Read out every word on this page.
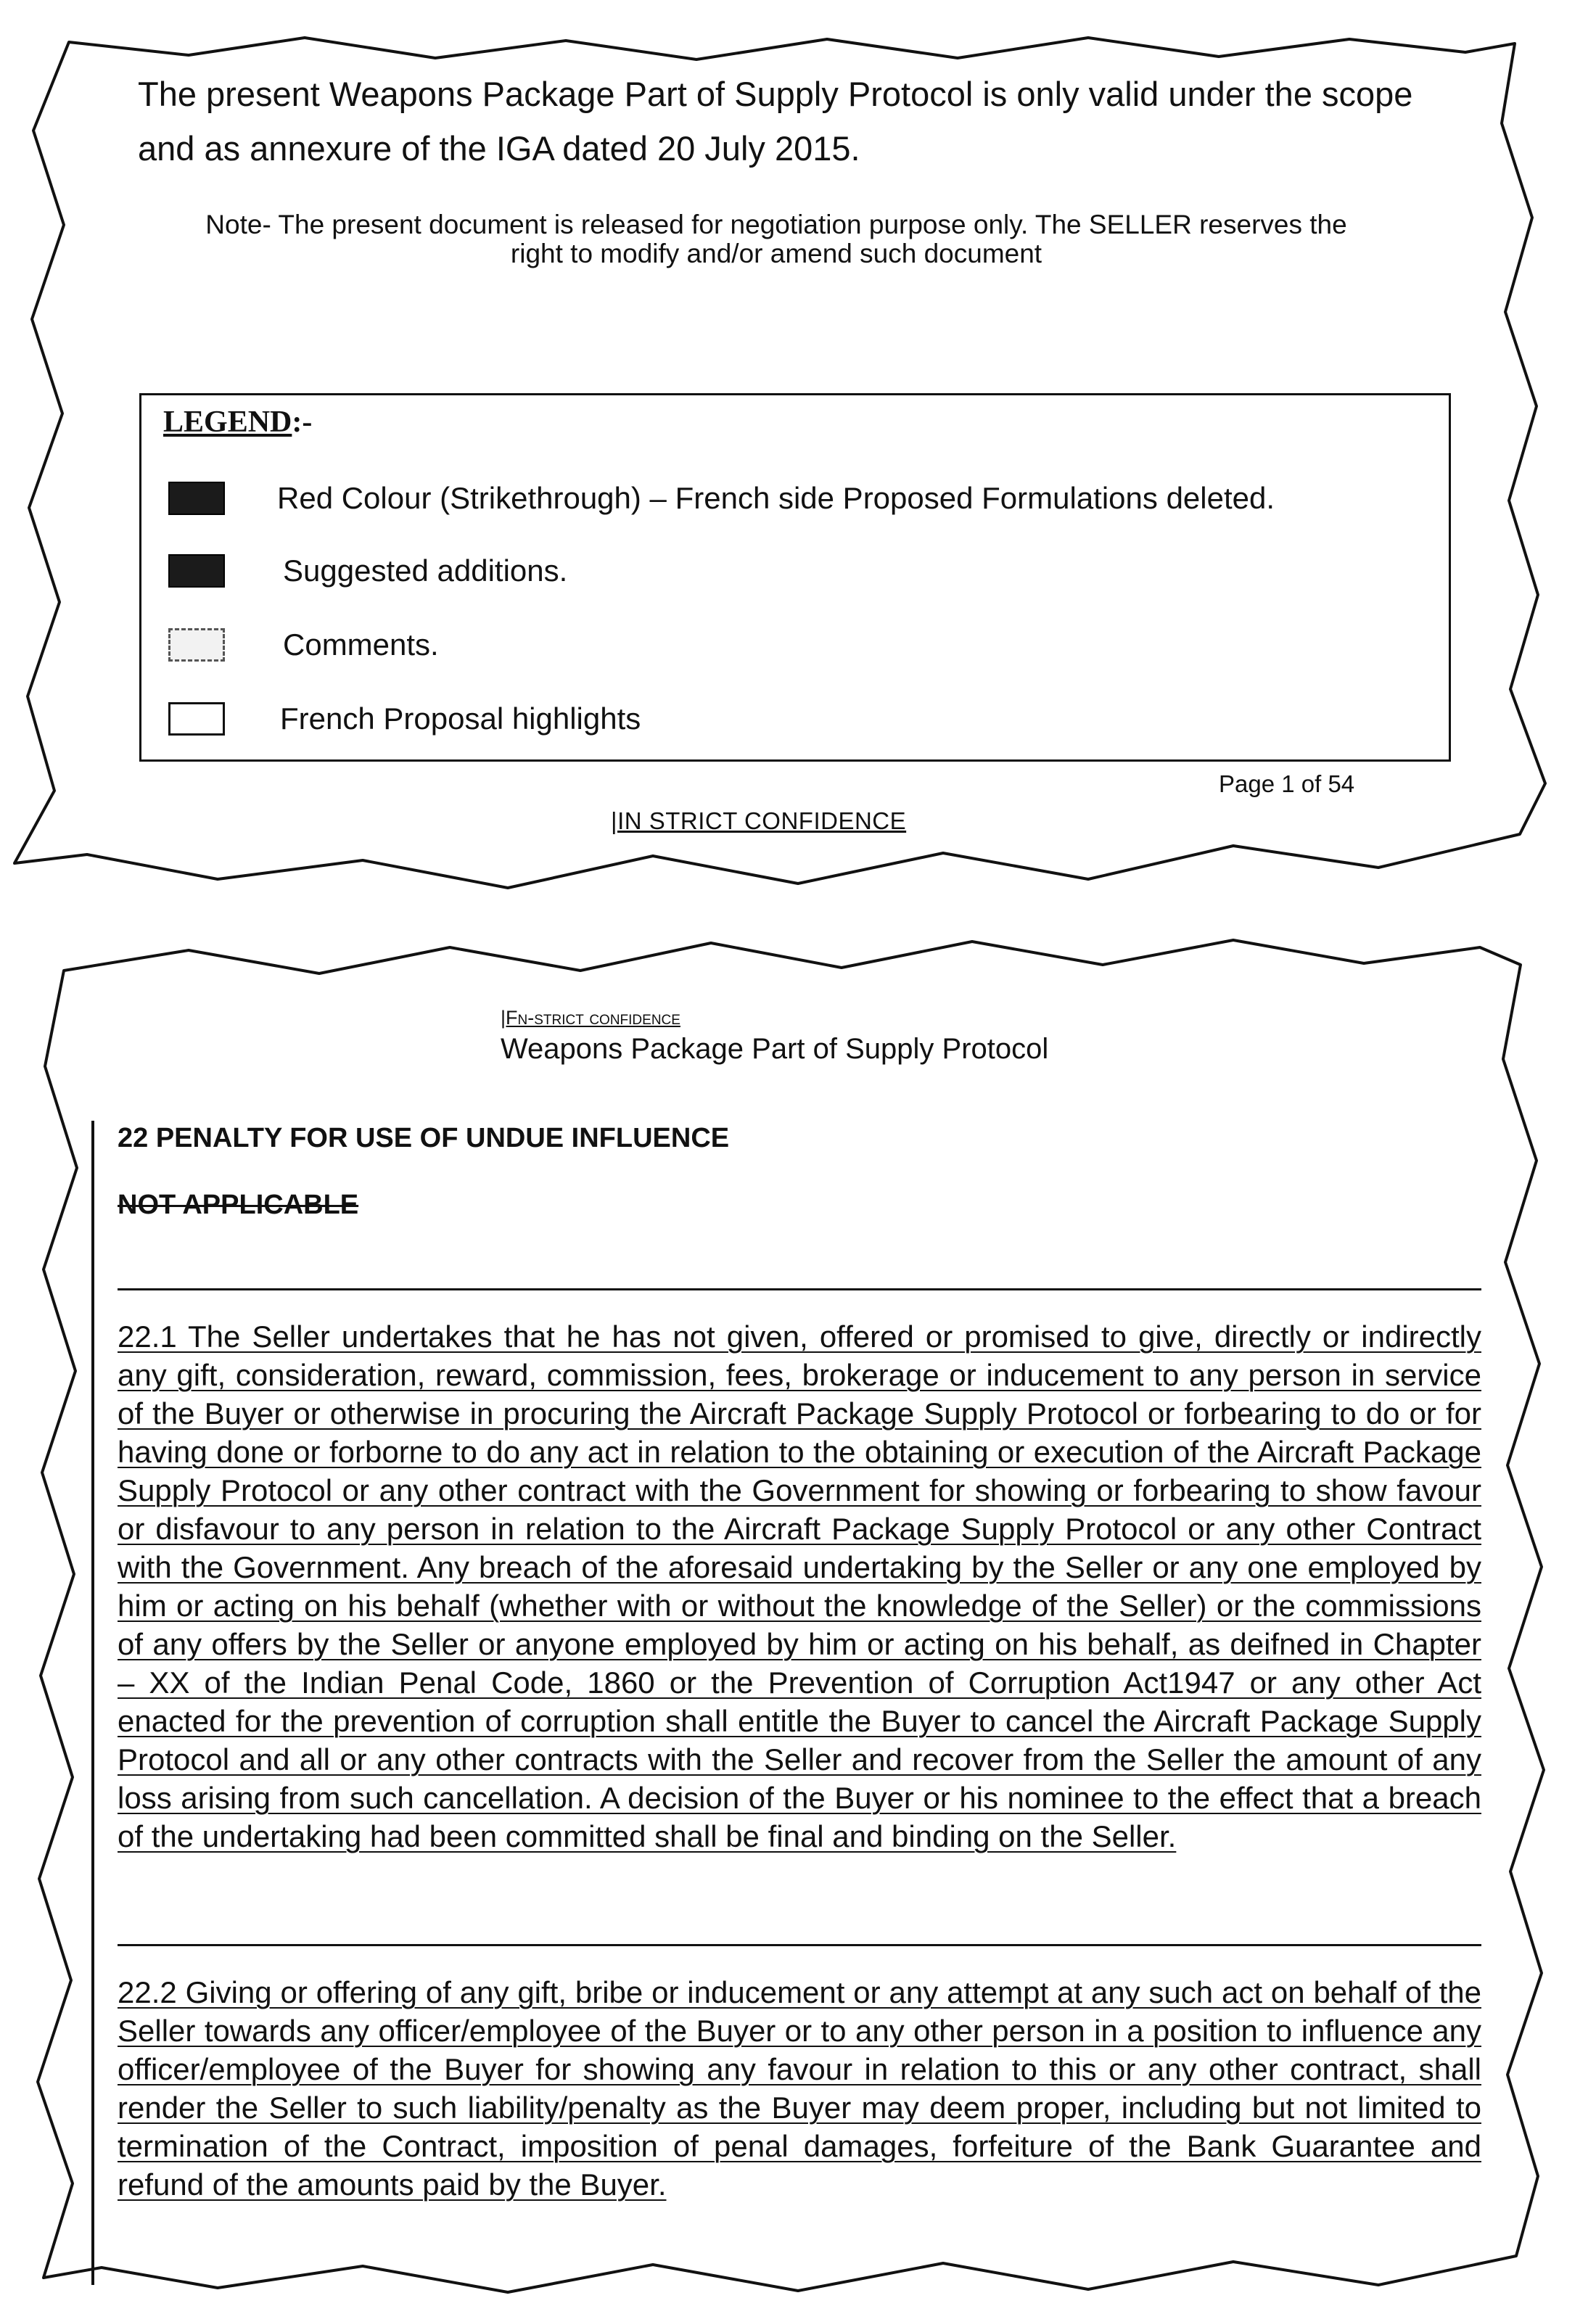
The present Weapons Package Part of Supply Protocol is only valid under the scope and as annexure of the IGA dated 20 July 2015.
Note- The present document is released for negotiation purpose only. The SELLER reserves the
right to modify and/or amend such document
LEGEND:-
Red Colour (Strikethrough) – French side Proposed Formulations deleted.
Suggested additions.
Comments.
French Proposal highlights
Page 1 of 54
|IN STRICT CONFIDENCE
|Fn-strict confidence
Weapons Package Part of Supply Protocol
22 PENALTY FOR USE OF UNDUE INFLUENCE
NOT APPLICABLE
22.1 The Seller undertakes that he has not given, offered or promised to give, directly or indirectly any gift, consideration, reward, commission, fees, brokerage or inducement to any person in service of the Buyer or otherwise in procuring the Aircraft Package Supply Protocol or forbearing to do or for having done or forborne to do any act in relation to the obtaining or execution of the Aircraft Package Supply Protocol or any other contract with the Government for showing or forbearing to show favour or disfavour to any person in relation to the Aircraft Package Supply Protocol or any other Contract with the Government. Any breach of the aforesaid undertaking by the Seller or any one employed by him or acting on his behalf (whether with or without the knowledge of the Seller) or the commissions of any offers by the Seller or anyone employed by him or acting on his behalf, as deifned in Chapter – XX of the Indian Penal Code, 1860 or the Prevention of Corruption Act1947 or any other Act enacted for the prevention of corruption shall entitle the Buyer to cancel the Aircraft Package Supply Protocol and all or any other contracts with the Seller and recover from the Seller the amount of any loss arising from such cancellation. A decision of the Buyer or his nominee to the effect that a breach of the undertaking had been committed shall be final and binding on the Seller.
22.2 Giving or offering of any gift, bribe or inducement or any attempt at any such act on behalf of the Seller towards any officer/employee of the Buyer or to any other person in a position to influence any officer/employee of the Buyer for showing any favour in relation to this or any other contract, shall render the Seller to such liability/penalty as the Buyer may deem proper, including but not limited to termination of the Contract, imposition of penal damages, forfeiture of the Bank Guarantee and refund of the amounts paid by the Buyer.
